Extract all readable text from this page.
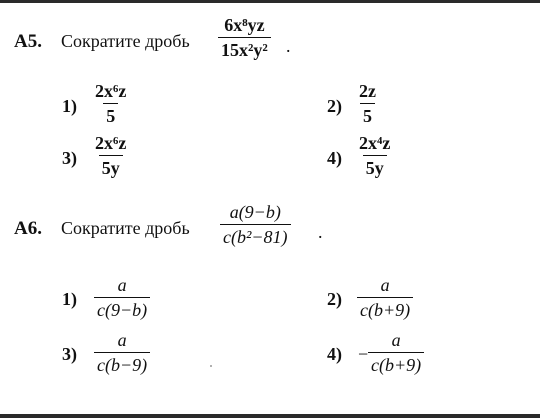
A5. Сократите дробь $\frac{\text{6x⁸yz}}{\text{15x²y²}}$ .
$1) \frac{\text{2x⁶z}}{5}$	$2) \frac{2z}{5}$
$3) \frac{\text{2x⁶z}}{5y}$	$4) \frac{\text{2x⁴z}}{5y}$
A6. Сократите дробь $\frac{a(9-b)}{\text{c(b²−81)}}$ .
$1) \frac{a}{c(9-b)}$	$2) \frac{a}{c(b+9)}$
$3) \frac{a}{c(b-9)}$	$4) - \frac{a}{c(b+9)}$
